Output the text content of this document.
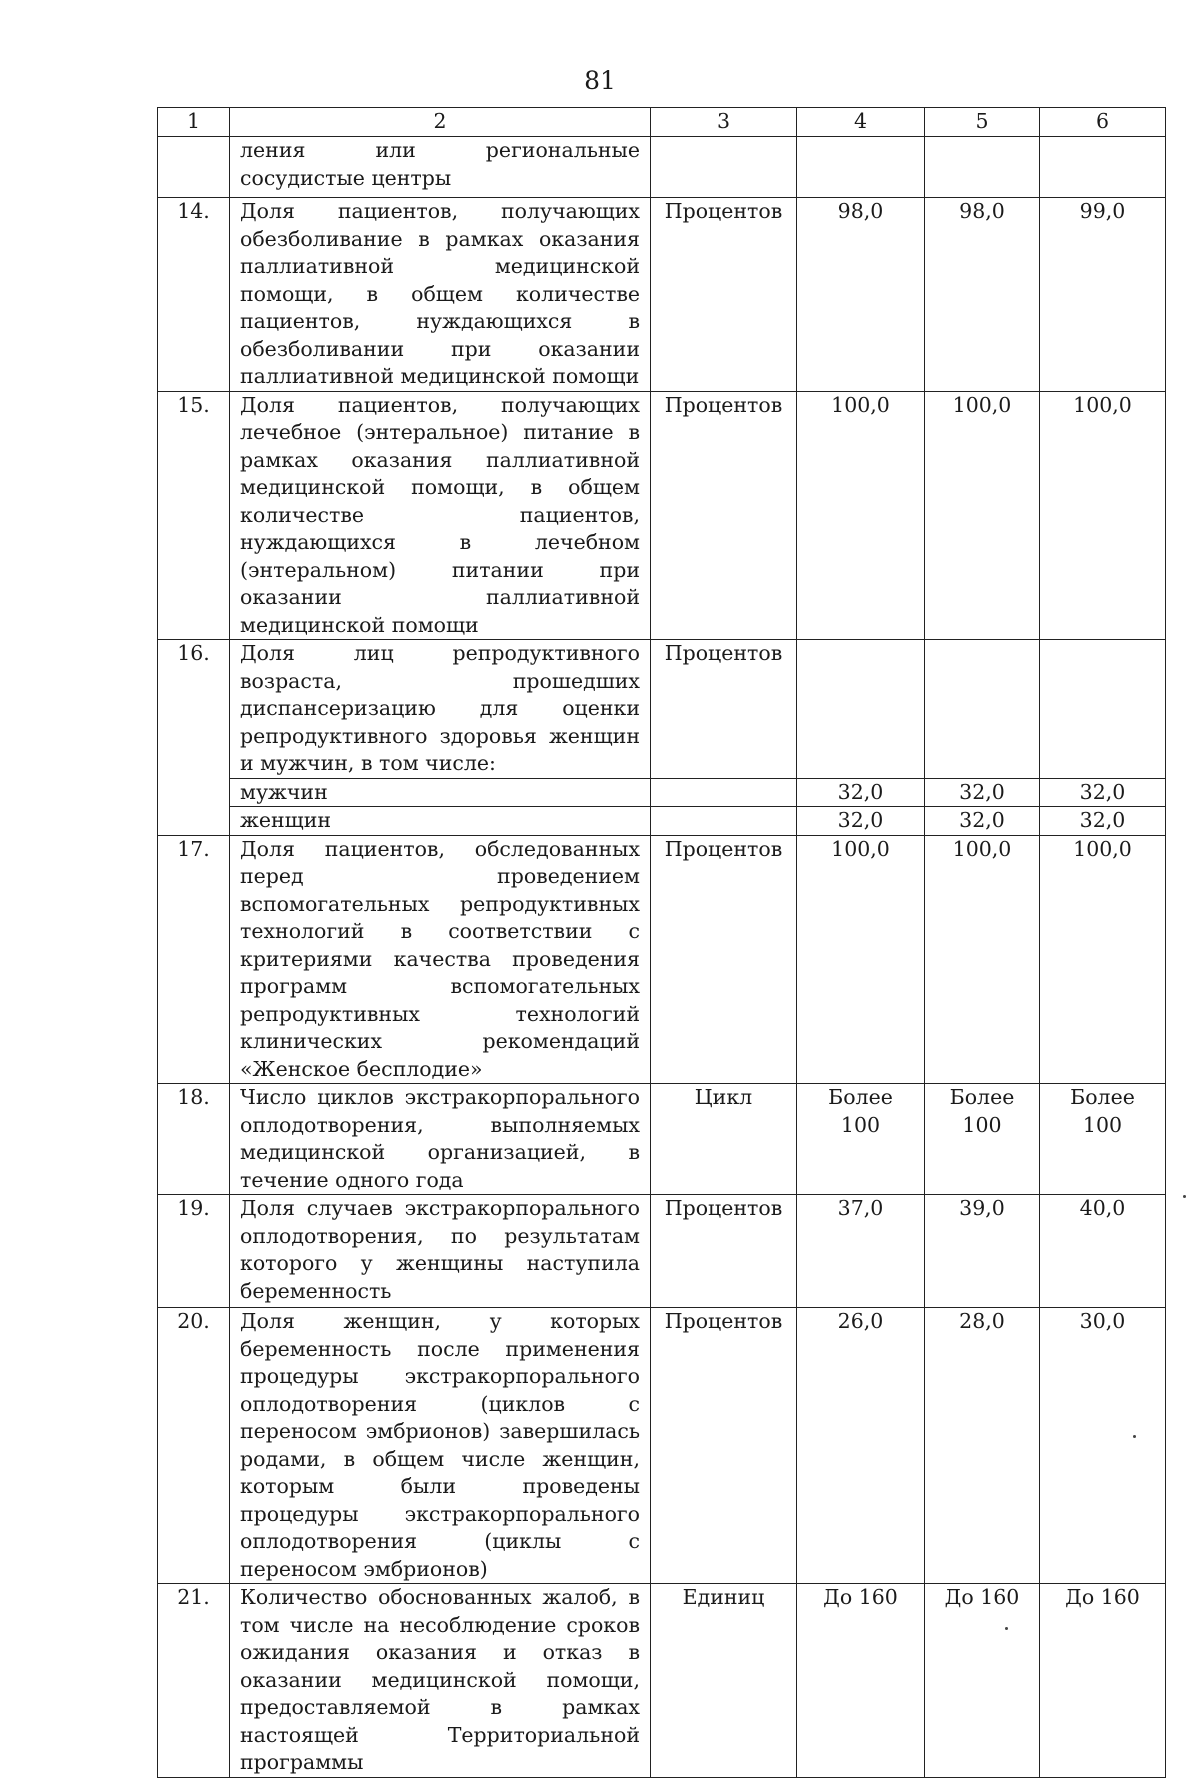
81
1	2	3	4	5	6
	ления или региональные сосудистые центры				
14.	Доля пациентов, получающих обезболивание в рамках оказания паллиативной медицинской помощи, в общем количестве пациентов, нуждающихся в обезболивании при оказании паллиативной медицинской помощи	Процентов	98,0	98,0	99,0
15.	Доля пациентов, получающих лечебное (энтеральное) питание в рамках оказания паллиативной медицинской помощи, в общем количестве пациентов, нуждающихся в лечебном (энтеральном) питании при оказании паллиативной медицинской помощи	Процентов	100,0	100,0	100,0
16.	Доля лиц репродуктивного возраста, прошедших диспансеризацию для оценки репродуктивного здоровья женщин и мужчин, в том числе:	Процентов			
	мужчин		32,0	32,0	32,0
	женщин		32,0	32,0	32,0
17.	Доля пациентов, обследованных перед проведением вспомогательных репродуктивных технологий в соответствии с критериями качества проведения программ вспомогательных репродуктивных технологий клинических рекомендаций «Женское бесплодие»	Процентов	100,0	100,0	100,0
18.	Число циклов экстракорпорального оплодотворения, выполняемых медицинской организацией, в течение одного года	Цикл	Более 100	Более 100	Более 100
19.	Доля случаев экстракорпорального оплодотворения, по результатам которого у женщины наступила беременность	Процентов	37,0	39,0	40,0
20.	Доля женщин, у которых беременность после применения процедуры экстракорпорального оплодотворения (циклов с переносом эмбрионов) завершилась родами, в общем числе женщин, которым были проведены процедуры экстракорпорального оплодотворения (циклы с переносом эмбрионов)	Процентов	26,0	28,0	30,0
21.	Количество обоснованных жалоб, в том числе на несоблюдение сроков ожидания оказания и отказ в оказании медицинской помощи, предоставляемой в рамках настоящей Территориальной программы	Единиц	До 160	До 160	До 160
